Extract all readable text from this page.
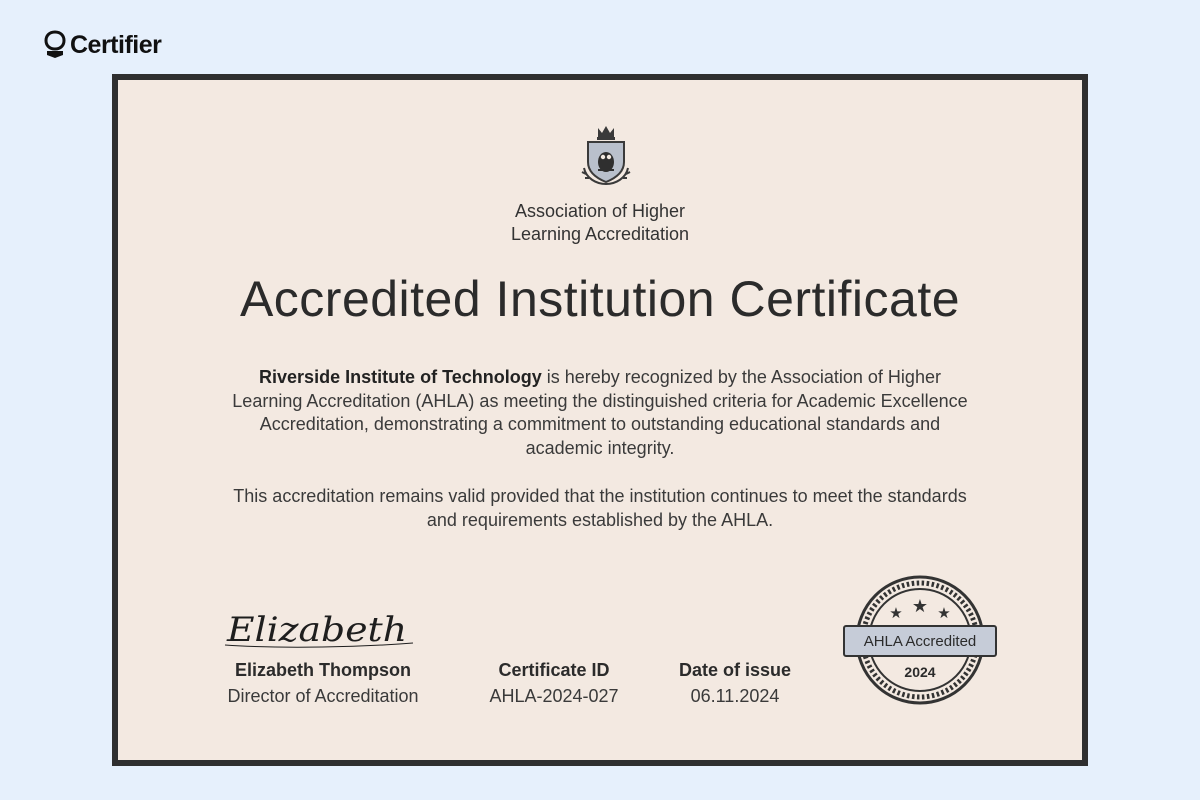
Certifier
Association of Higher
Learning Accreditation
Accredited Institution Certificate
Riverside Institute of Technology is hereby recognized by the Association of Higher Learning Accreditation (AHLA) as meeting the distinguished criteria for Academic Excellence Accreditation, demonstrating a commitment to outstanding educational standards and academic integrity.
This accreditation remains valid provided that the institution continues to meet the standards and requirements established by the AHLA.
Elizabeth
Elizabeth Thompson
Director of Accreditation
Certificate ID
AHLA-2024-027
Date of issue
06.11.2024
★ ★ ★
AHLA Accredited
2024
